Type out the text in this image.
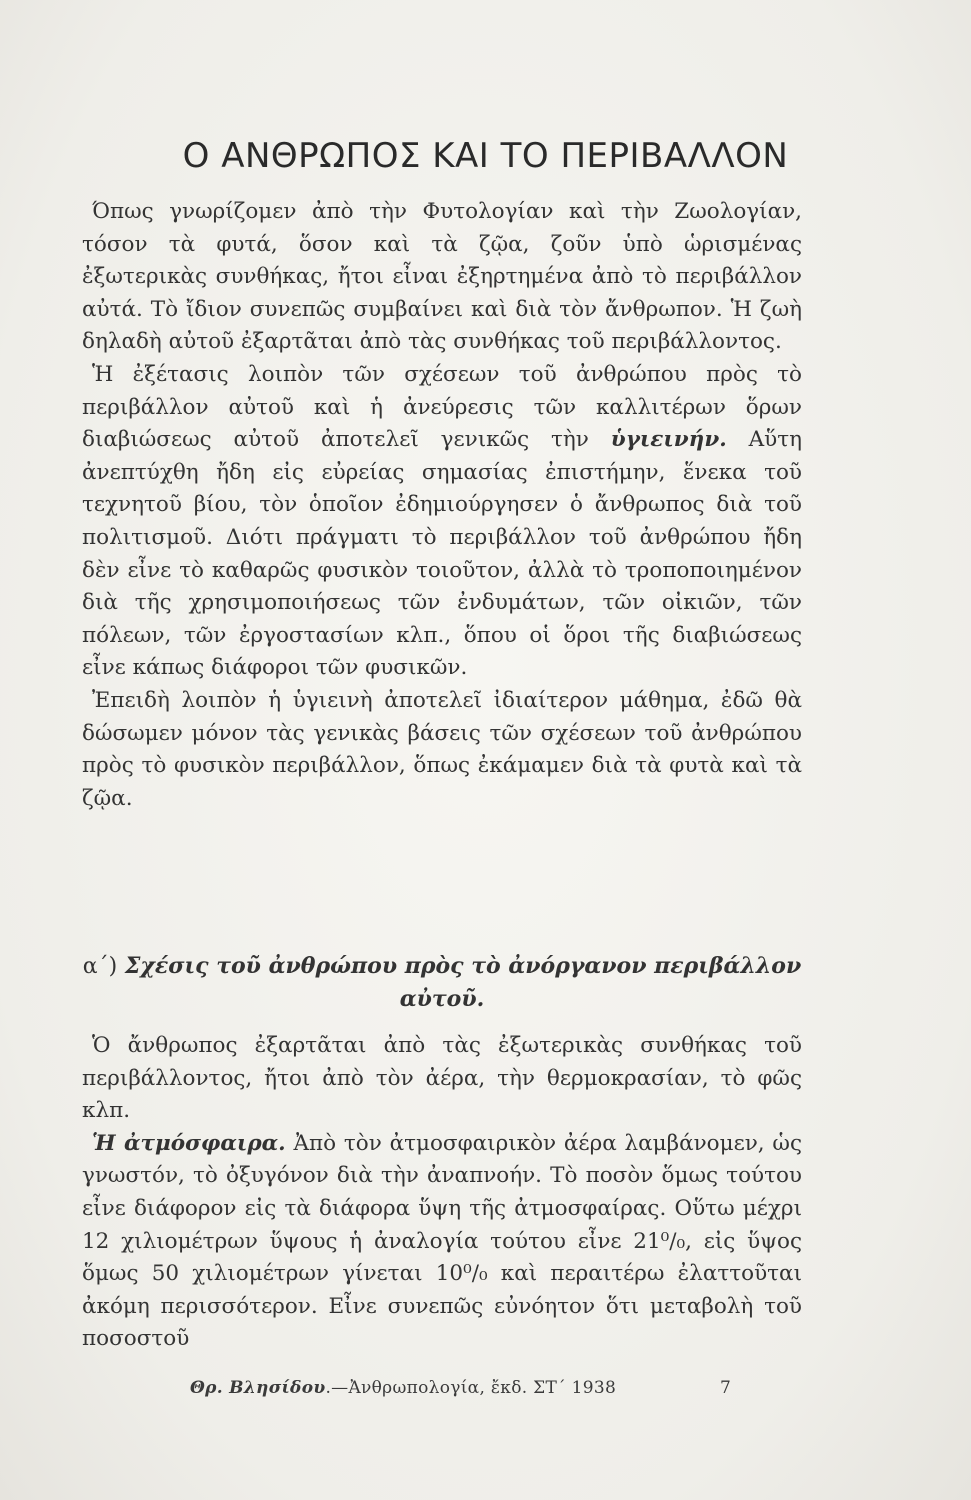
Ο ΑΝΘΡΩΠΟΣ ΚΑΙ ΤΟ ΠΕΡΙΒΑΛΛΟΝ

Όπως γνωρίζομεν ἀπὸ τὴν Φυτολογίαν καὶ τὴν Ζωολογίαν, τόσον τὰ φυτά, ὅσον καὶ τὰ ζῷα, ζοῦν ὑπὸ ὡρισμένας ἐξωτερικὰς συνθήκας, ἤτοι εἶναι ἐξηρτημένα ἀπὸ τὸ περιβάλλον αὐτά. Τὸ ἴδιον συνεπῶς συμβαίνει καὶ διὰ τὸν ἄνθρωπον. Ἡ ζωὴ δηλαδὴ αὐτοῦ ἐξαρτᾶται ἀπὸ τὰς συνθήκας τοῦ περιβάλλοντος.

Ἡ ἐξέτασις λοιπὸν τῶν σχέσεων τοῦ ἀνθρώπου πρὸς τὸ περιβάλλον αὐτοῦ καὶ ἡ ἀνεύρεσις τῶν καλλιτέρων ὅρων διαβιώσεως αὐτοῦ ἀποτελεῖ γενικῶς τὴν ὑγιεινήν. Αὕτη ἀνεπτύχθη ἤδη εἰς εὐρείας σημασίας ἐπιστήμην, ἕνεκα τοῦ τεχνητοῦ βίου, τὸν ὁποῖον ἐδημιούργησεν ὁ ἄνθρωπος διὰ τοῦ πολιτισμοῦ. Διότι πράγματι τὸ περιβάλλον τοῦ ἀνθρώπου ἤδη δὲν εἶνε τὸ καθαρῶς φυσικὸν τοιοῦτον, ἀλλὰ τὸ τροποποιημένον διὰ τῆς χρησιμοποιήσεως τῶν ἐνδυμάτων, τῶν οἰκιῶν, τῶν πόλεων, τῶν ἐργοστασίων κλπ., ὅπου οἱ ὅροι τῆς διαβιώσεως εἶνε κάπως διάφοροι τῶν φυσικῶν.

Ἐπειδὴ λοιπὸν ἡ ὑγιεινὴ ἀποτελεῖ ἰδιαίτερον μάθημα, ἐδῶ θὰ δώσωμεν μόνον τὰς γενικὰς βάσεις τῶν σχέσεων τοῦ ἀνθρώπου πρὸς τὸ φυσικὸν περιβάλλον, ὅπως ἐκάμαμεν διὰ τὰ φυτὰ καὶ τὰ ζῷα.

α΄) Σχέσις τοῦ ἀνθρώπου πρὸς τὸ ἀνόργανον περιβάλλον αὐτοῦ.

Ὁ ἄνθρωπος ἐξαρτᾶται ἀπὸ τὰς ἐξωτερικὰς συνθήκας τοῦ περιβάλλοντος, ἤτοι ἀπὸ τὸν ἀέρα, τὴν θερμοκρασίαν, τὸ φῶς κλπ.

Ἡ ἀτμόσφαιρα. Ἀπὸ τὸν ἀτμοσφαιρικὸν ἀέρα λαμβάνομεν, ὡς γνωστόν, τὸ ὀξυγόνον διὰ τὴν ἀναπνοήν. Τὸ ποσὸν ὅμως τούτου εἶνε διάφορον εἰς τὰ διάφορα ὕψη τῆς ἀτμοσφαίρας. Οὕτω μέχρι 12 χιλιομέτρων ὕψους ἡ ἀναλογία τούτου εἶνε 21⁰/₀, εἰς ὕψος ὅμως 50 χιλιομέτρων γίνεται 10⁰/₀ καὶ περαιτέρω ἐλαττοῦται ἀκόμη περισσότερον. Εἶνε συνεπῶς εὐνόητον ὅτι μεταβολὴ τοῦ ποσοστοῦ

Θρ. Βλησίδου.—Ἀνθρωπολογία, ἔκδ. ΣΤ΄ 1938	7
